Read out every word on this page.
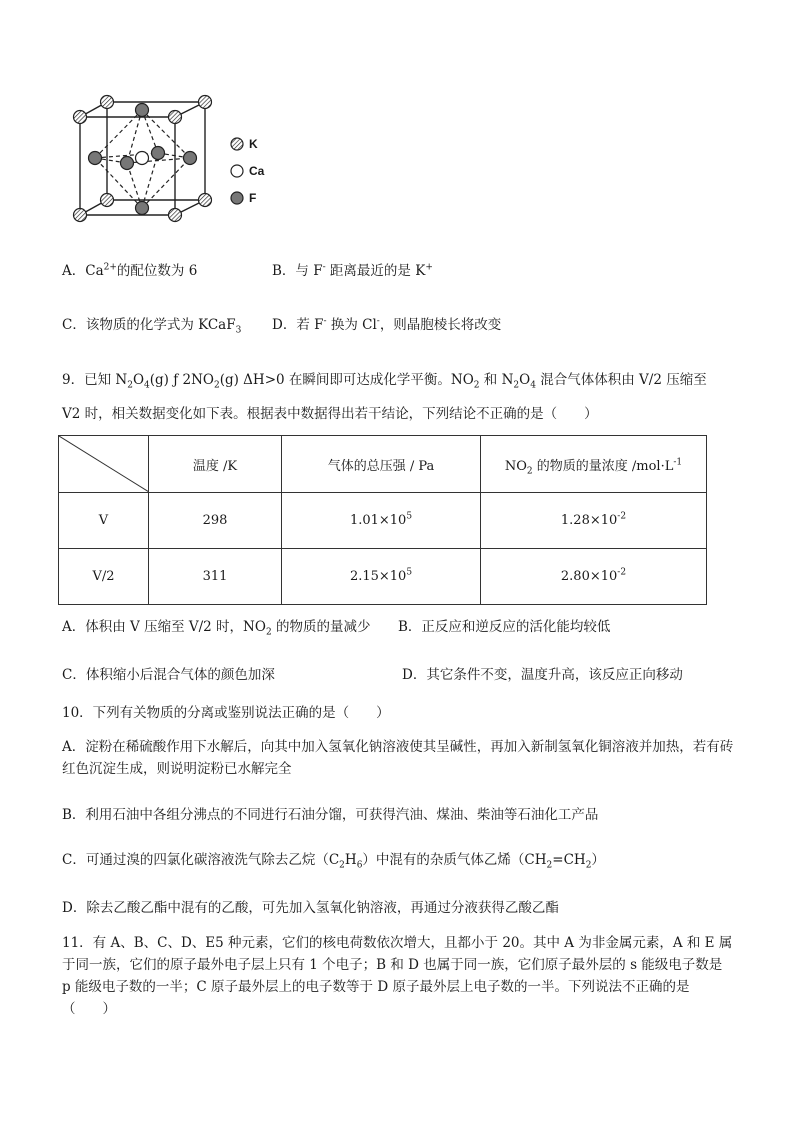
K
Ca
F
A．$Ca^{2+}$的配位数为 6	B．与 F- 距离最近的是 K+
C．该物质的化学式为 KCaF$_3$ D．若 F- 换为 Cl-，则晶胞棱长将改变
9．已知 $N_2O_4(g)$ ƒ $2NO_2(g)$ ΔH>0 在瞬间即可达成化学平衡。$NO_2$ 和 $N_2O_4$ 混合气体体积由 V/2 压缩至
V2 时，相关数据变化如下表。根据表中数据得出若干结论，下列结论不正确的是（　　）
	温度 /K	气体的总压强 / Pa	$NO_2$ 的物质的量浓度 $/mol\cdot L^{-1}$
V	298	$1.01\times 10^5$	$1.28\times 10^{-2}$
V/2	311	$2.15\times 10^5$	$2.80\times 10^{-2}$
A．体积由 V 压缩至 V/2 时，$NO_2$ 的物质的量减少 B．正反应和逆反应的活化能均较低
C．体积缩小后混合气体的颜色加深	D．其它条件不变，温度升高，该反应正向移动
10．下列有关物质的分离或鉴别说法正确的是（　　）
A．淀粉在稀硫酸作用下水解后，向其中加入氢氧化钠溶液使其呈碱性，再加入新制氢氧化铜溶液并加热，若有砖红色沉淀生成，则说明淀粉已水解完全
B．利用石油中各组分沸点的不同进行石油分馏，可获得汽油、煤油、柴油等石油化工产品
C．可通过溴的四氯化碳溶液洗气除去乙烷$(C_2H_6)$中混有的杂质气体乙烯$(CH_2=CH_2)$
D．除去乙酸乙酯中混有的乙酸，可先加入氢氧化钠溶液，再通过分液获得乙酸乙酯
11．有 A、B、C、D、E5 种元素，它们的核电荷数依次增大，且都小于 20。其中 A 为非金属元素，A 和 E 属于同一族，它们的原子最外电子层上只有 1 个电子；B 和 D 也属于同一族，它们原子最外层的 s 能级电子数是 p 能级电子数的一半；C 原子最外层上的电子数等于 D 原子最外层上电子数的一半。下列说法不正确的是（　　）
